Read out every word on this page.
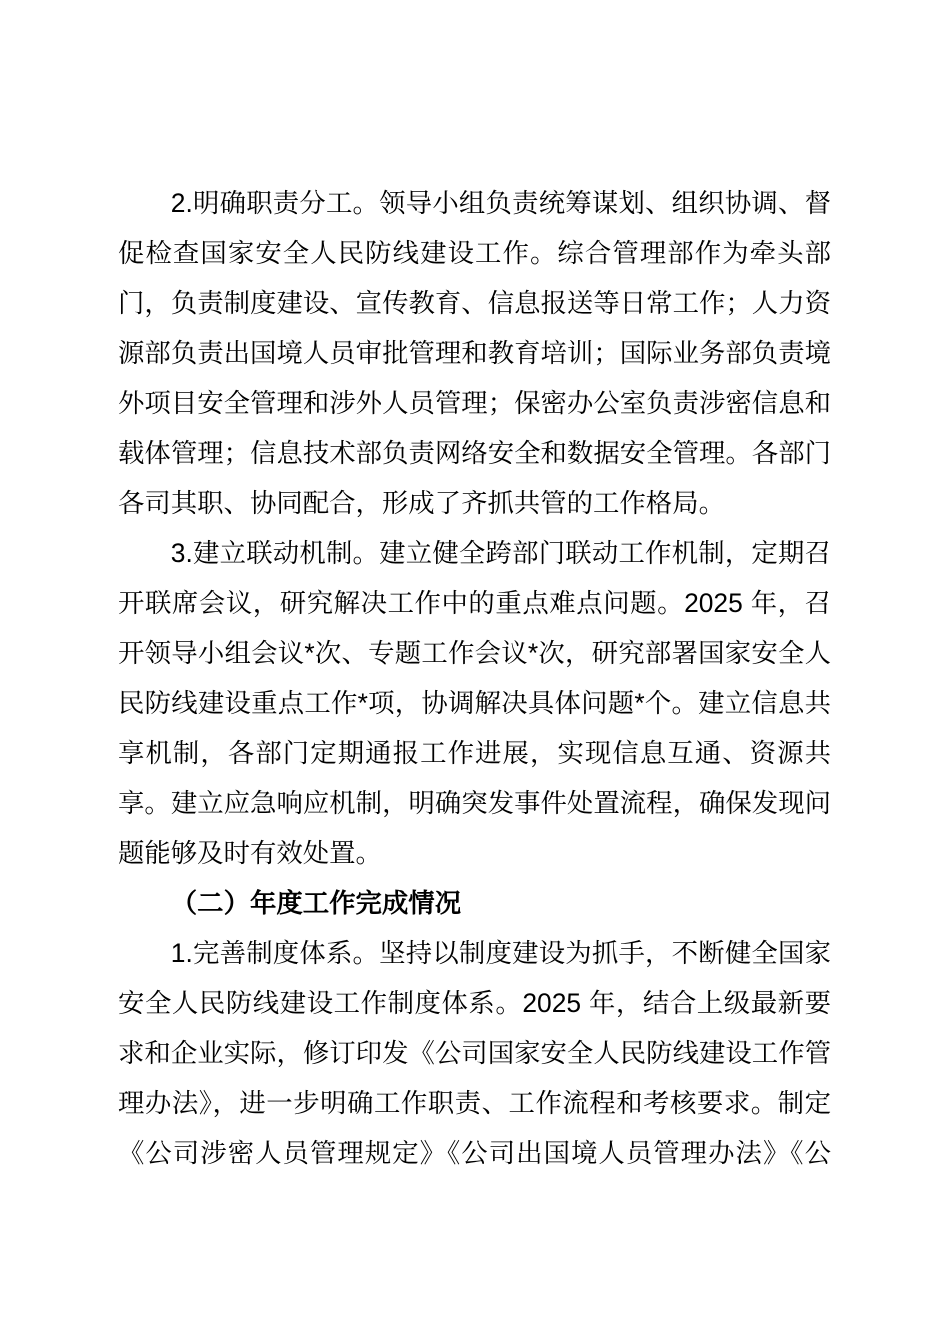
2.明确职责分工。领导小组负责统筹谋划、组织协调、督
促检查国家安全人民防线建设工作。综合管理部作为牵头部
门，负责制度建设、宣传教育、信息报送等日常工作；人力资
源部负责出国境人员审批管理和教育培训；国际业务部负责境
外项目安全管理和涉外人员管理；保密办公室负责涉密信息和
载体管理；信息技术部负责网络安全和数据安全管理。各部门
各司其职、协同配合，形成了齐抓共管的工作格局。
3.建立联动机制。建立健全跨部门联动工作机制，定期召
开联席会议，研究解决工作中的重点难点问题。2025 年，召
开领导小组会议*次、专题工作会议*次，研究部署国家安全人
民防线建设重点工作*项，协调解决具体问题*个。建立信息共
享机制，各部门定期通报工作进展，实现信息互通、资源共
享。建立应急响应机制，明确突发事件处置流程，确保发现问
题能够及时有效处置。
（二）年度工作完成情况
1.完善制度体系。坚持以制度建设为抓手，不断健全国家
安全人民防线建设工作制度体系。2025 年，结合上级最新要
求和企业实际，修订印发《公司国家安全人民防线建设工作管
理办法》，进一步明确工作职责、工作流程和考核要求。制定
《公司涉密人员管理规定》《公司出国境人员管理办法》《公
